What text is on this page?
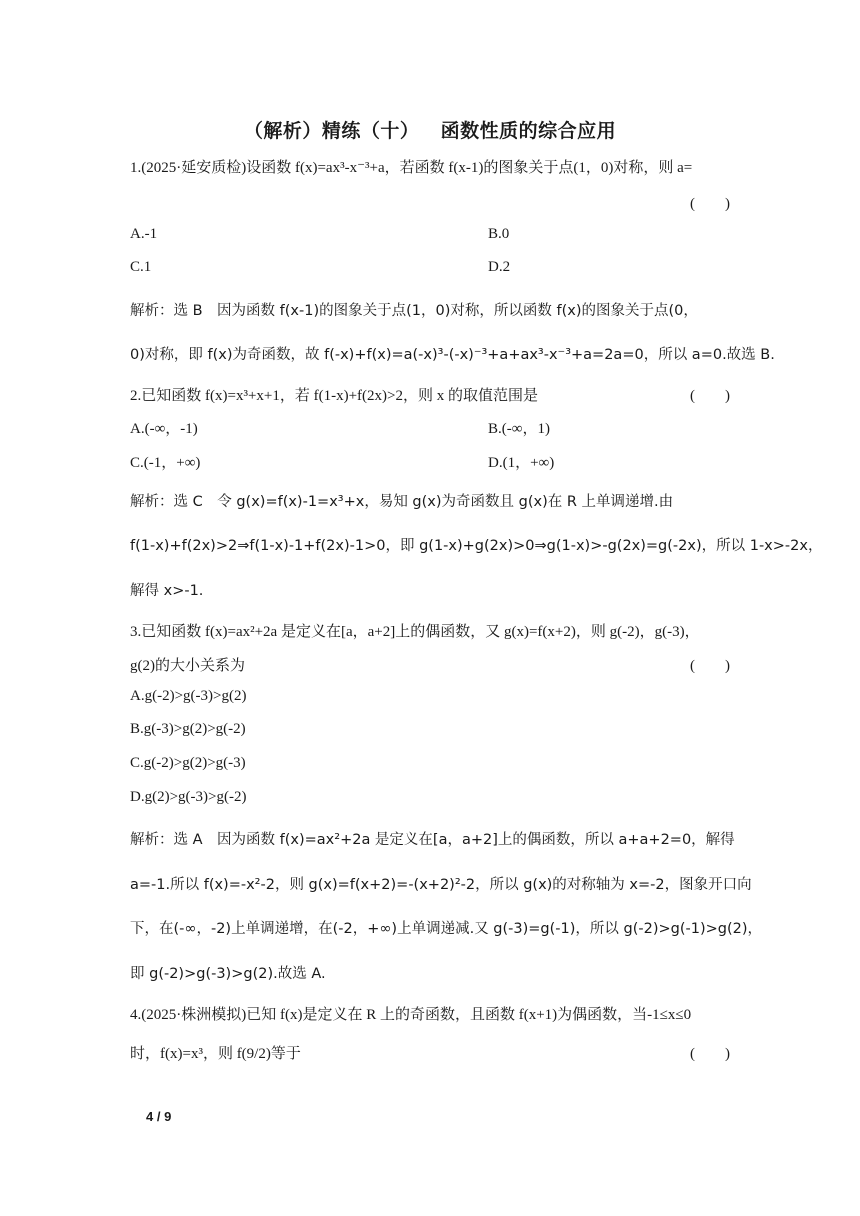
（解析）精练（十）   函数性质的综合应用
1.(2025·延安质检)设函数 f(x)=ax³-x⁻³+a，若函数 f(x-1)的图象关于点(1，0)对称，则 a=
(　　)
A.-1	B.0
C.1	D.2
解析：选 B　因为函数 f(x-1)的图象关于点(1，0)对称，所以函数 f(x)的图象关于点(0，
0)对称，即 f(x)为奇函数，故 f(-x)+f(x)=a(-x)³-(-x)⁻³+a+ax³-x⁻³+a=2a=0，所以 a=0.故选 B.
2.已知函数 f(x)=x³+x+1，若 f(1-x)+f(2x)>2，则 x 的取值范围是	(　　)
A.(-∞，-1)	B.(-∞，1)
C.(-1，+∞)	D.(1，+∞)
解析：选 C　令 g(x)=f(x)-1=x³+x，易知 g(x)为奇函数且 g(x)在 R 上单调递增.由
f(1-x)+f(2x)>2⇒f(1-x)-1+f(2x)-1>0，即 g(1-x)+g(2x)>0⇒g(1-x)>-g(2x)=g(-2x)，所以 1-x>-2x，
解得 x>-1.
3.已知函数 f(x)=ax²+2a 是定义在[a，a+2]上的偶函数，又 g(x)=f(x+2)，则 g(-2)，g(-3)，
g(2)的大小关系为	(　　)
A.g(-2)>g(-3)>g(2)
B.g(-3)>g(2)>g(-2)
C.g(-2)>g(2)>g(-3)
D.g(2)>g(-3)>g(-2)
解析：选 A　因为函数 f(x)=ax²+2a 是定义在[a，a+2]上的偶函数，所以 a+a+2=0，解得
a=-1.所以 f(x)=-x²-2，则 g(x)=f(x+2)=-(x+2)²-2，所以 g(x)的对称轴为 x=-2，图象开口向
下，在(-∞，-2)上单调递增，在(-2，+∞)上单调递减.又 g(-3)=g(-1)，所以 g(-2)>g(-1)>g(2)，
即 g(-2)>g(-3)>g(2).故选 A.
4.(2025·株洲模拟)已知 f(x)是定义在 R 上的奇函数，且函数 f(x+1)为偶函数，当-1≤x≤0
时，f(x)=x³，则 f(9/2)等于	(　　)
4 / 9
